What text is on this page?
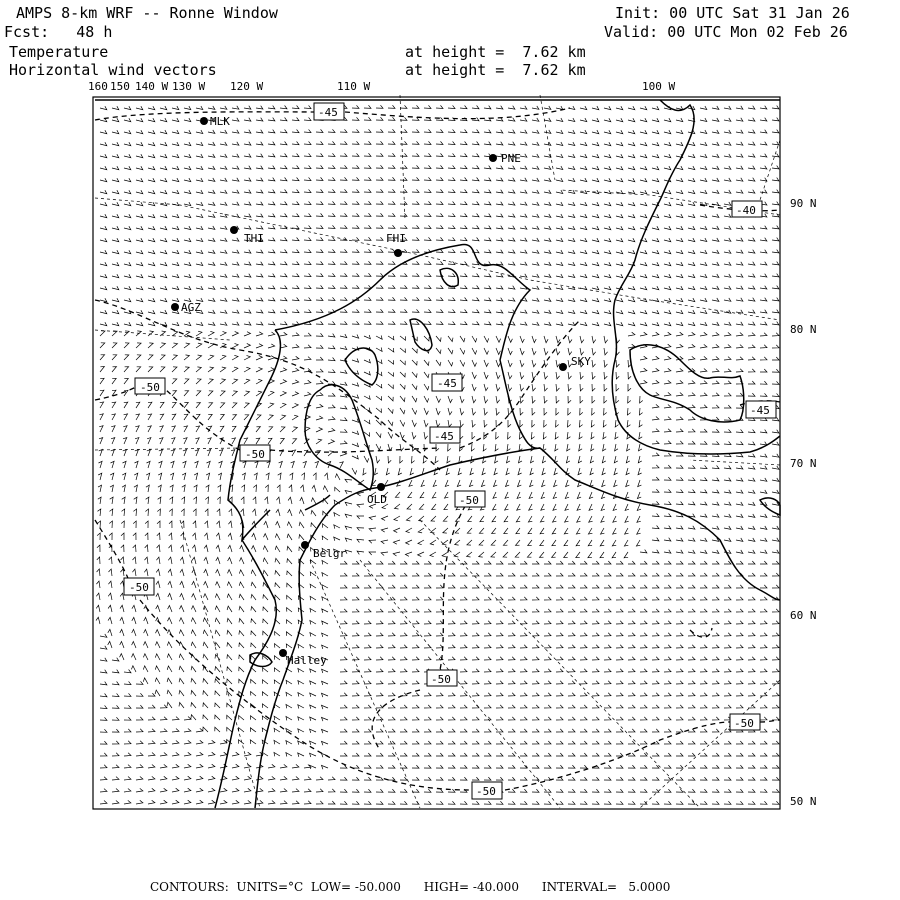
AMPS 8-km WRF -- Ronne Window
Fcst:   48 h
Init: 00 UTC Sat 31 Jan 26
Valid: 00 UTC Mon 02 Feb 26
Temperature
Horizontal wind vectors
at height =  7.62 km
at height =  7.62 km
160 150 140 W 130 W 120 W	110 W	100 W
90 N
80 N
70 N
60 N
50 N
MLK
PNE
THI	FHI
AGZ
SKY
OLD
Belgr
Halley
-45
-40
-45
-45
-50
-45
-50
-50
-50
-50
-50
-50
CONTOURS:  UNITS=°C  LOW= -50.000      HIGH= -40.000      INTERVAL=   5.0000
